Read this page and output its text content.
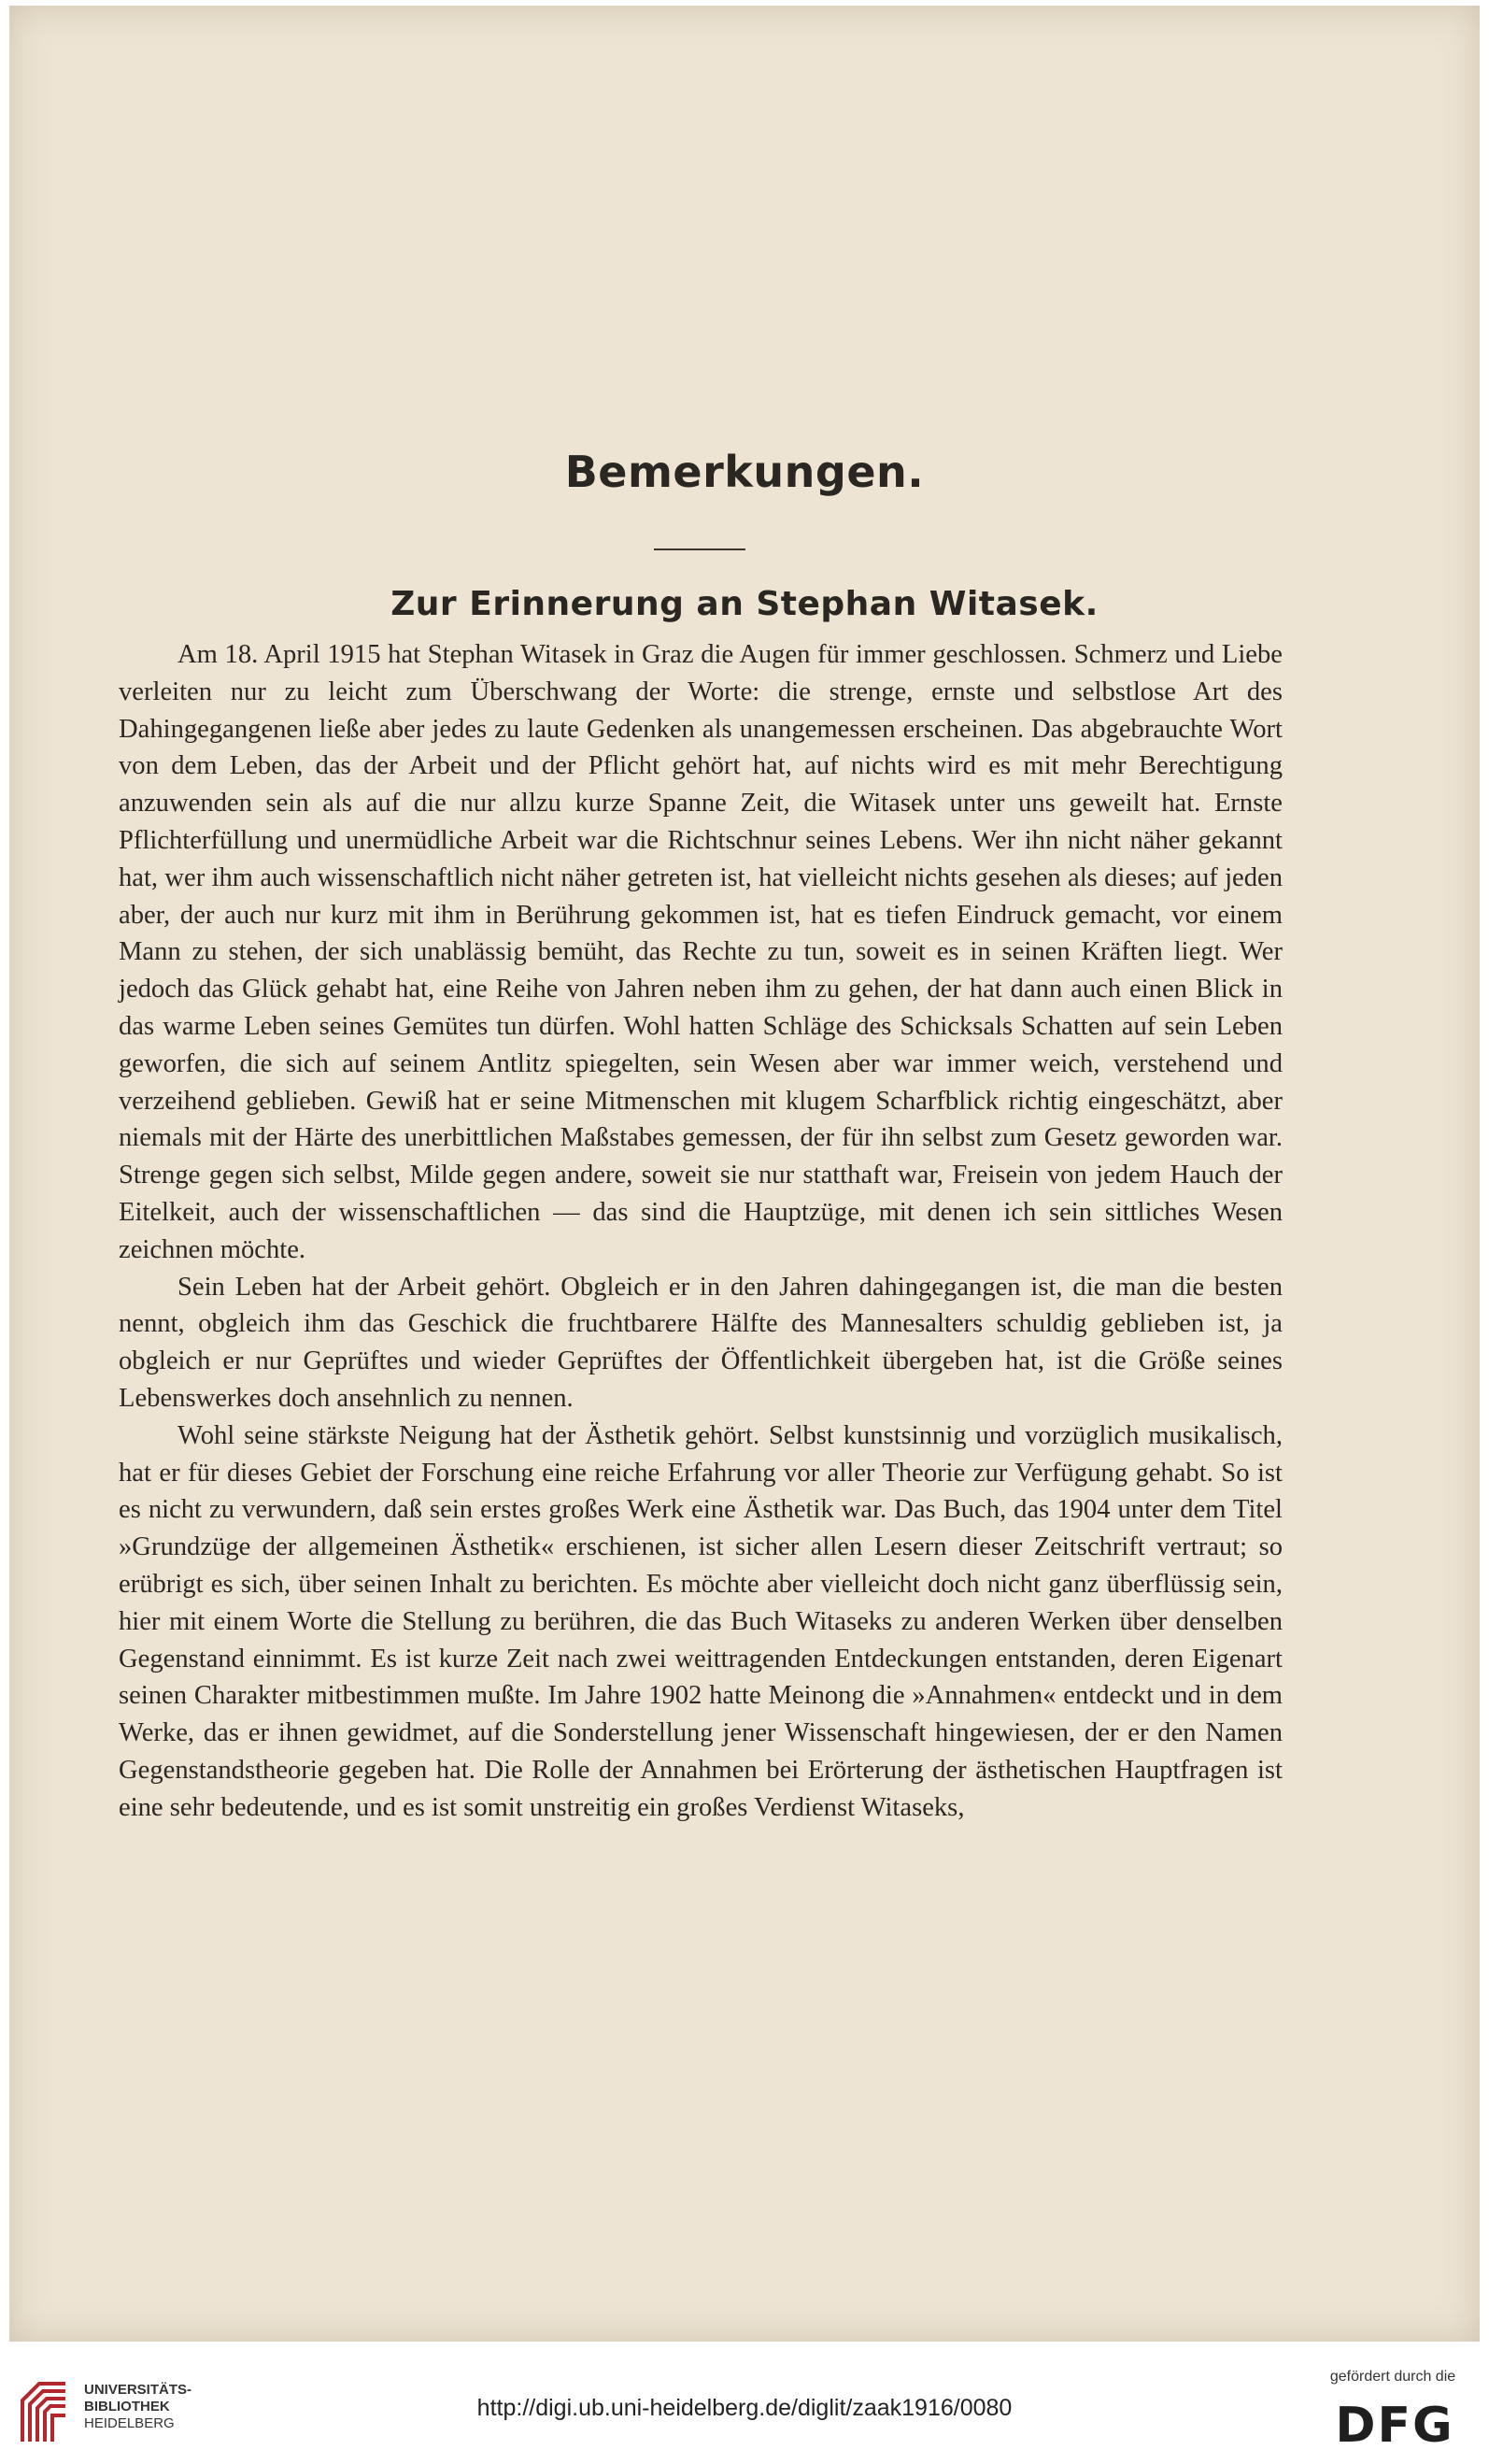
Bemerkungen.
Zur Erinnerung an Stephan Witasek.

Am 18. April 1915 hat Stephan Witasek in Graz die Augen für immer geschlossen. Schmerz und Liebe verleiten nur zu leicht zum Überschwang der Worte: die strenge, ernste und selbstlose Art des Dahingegangenen ließe aber jedes zu laute Gedenken als unangemessen erscheinen. Das abgebrauchte Wort von dem Leben, das der Arbeit und der Pflicht gehört hat, auf nichts wird es mit mehr Berechtigung anzuwenden sein als auf die nur allzu kurze Spanne Zeit, die Witasek unter uns geweilt hat. Ernste Pflichterfüllung und unermüdliche Arbeit war die Richtschnur seines Lebens. Wer ihn nicht näher gekannt hat, wer ihm auch wissenschaftlich nicht näher getreten ist, hat vielleicht nichts gesehen als dieses; auf jeden aber, der auch nur kurz mit ihm in Berührung gekommen ist, hat es tiefen Eindruck gemacht, vor einem Mann zu stehen, der sich unablässig bemüht, das Rechte zu tun, soweit es in seinen Kräften liegt. Wer jedoch das Glück gehabt hat, eine Reihe von Jahren neben ihm zu gehen, der hat dann auch einen Blick in das warme Leben seines Gemütes tun dürfen. Wohl hatten Schläge des Schicksals Schatten auf sein Leben geworfen, die sich auf seinem Antlitz spiegelten, sein Wesen aber war immer weich, verstehend und verzeihend geblieben. Gewiß hat er seine Mitmenschen mit klugem Scharfblick richtig eingeschätzt, aber niemals mit der Härte des unerbittlichen Maßstabes gemessen, der für ihn selbst zum Gesetz geworden war. Strenge gegen sich selbst, Milde gegen andere, soweit sie nur statthaft war, Freisein von jedem Hauch der Eitelkeit, auch der wissenschaftlichen — das sind die Hauptzüge, mit denen ich sein sittliches Wesen zeichnen möchte.

Sein Leben hat der Arbeit gehört. Obgleich er in den Jahren dahingegangen ist, die man die besten nennt, obgleich ihm das Geschick die fruchtbarere Hälfte des Mannesalters schuldig geblieben ist, ja obgleich er nur Geprüftes und wieder Geprüftes der Öffentlichkeit übergeben hat, ist die Größe seines Lebenswerkes doch ansehnlich zu nennen.

Wohl seine stärkste Neigung hat der Ästhetik gehört. Selbst kunstsinnig und vorzüglich musikalisch, hat er für dieses Gebiet der Forschung eine reiche Erfahrung vor aller Theorie zur Verfügung gehabt. So ist es nicht zu verwundern, daß sein erstes großes Werk eine Ästhetik war. Das Buch, das 1904 unter dem Titel »Grundzüge der allgemeinen Ästhetik« erschienen, ist sicher allen Lesern dieser Zeitschrift vertraut; so erübrigt es sich, über seinen Inhalt zu berichten. Es möchte aber vielleicht doch nicht ganz überflüssig sein, hier mit einem Worte die Stellung zu berühren, die das Buch Witaseks zu anderen Werken über denselben Gegenstand einnimmt. Es ist kurze Zeit nach zwei weittragenden Entdeckungen entstanden, deren Eigenart seinen Charakter mitbestimmen mußte. Im Jahre 1902 hatte Meinong die »Annahmen« entdeckt und in dem Werke, das er ihnen gewidmet, auf die Sonderstellung jener Wissenschaft hingewiesen, der er den Namen Gegenstandstheorie gegeben hat. Die Rolle der Annahmen bei Erörterung der ästhetischen Hauptfragen ist eine sehr bedeutende, und es ist somit unstreitig ein großes Verdienst Witaseks,

UNIVERSITÄTS-
BIBLIOTHEK
HEIDELBERG
http://digi.ub.uni-heidelberg.de/diglit/zaak1916/0080
gefördert durch die
DFG
